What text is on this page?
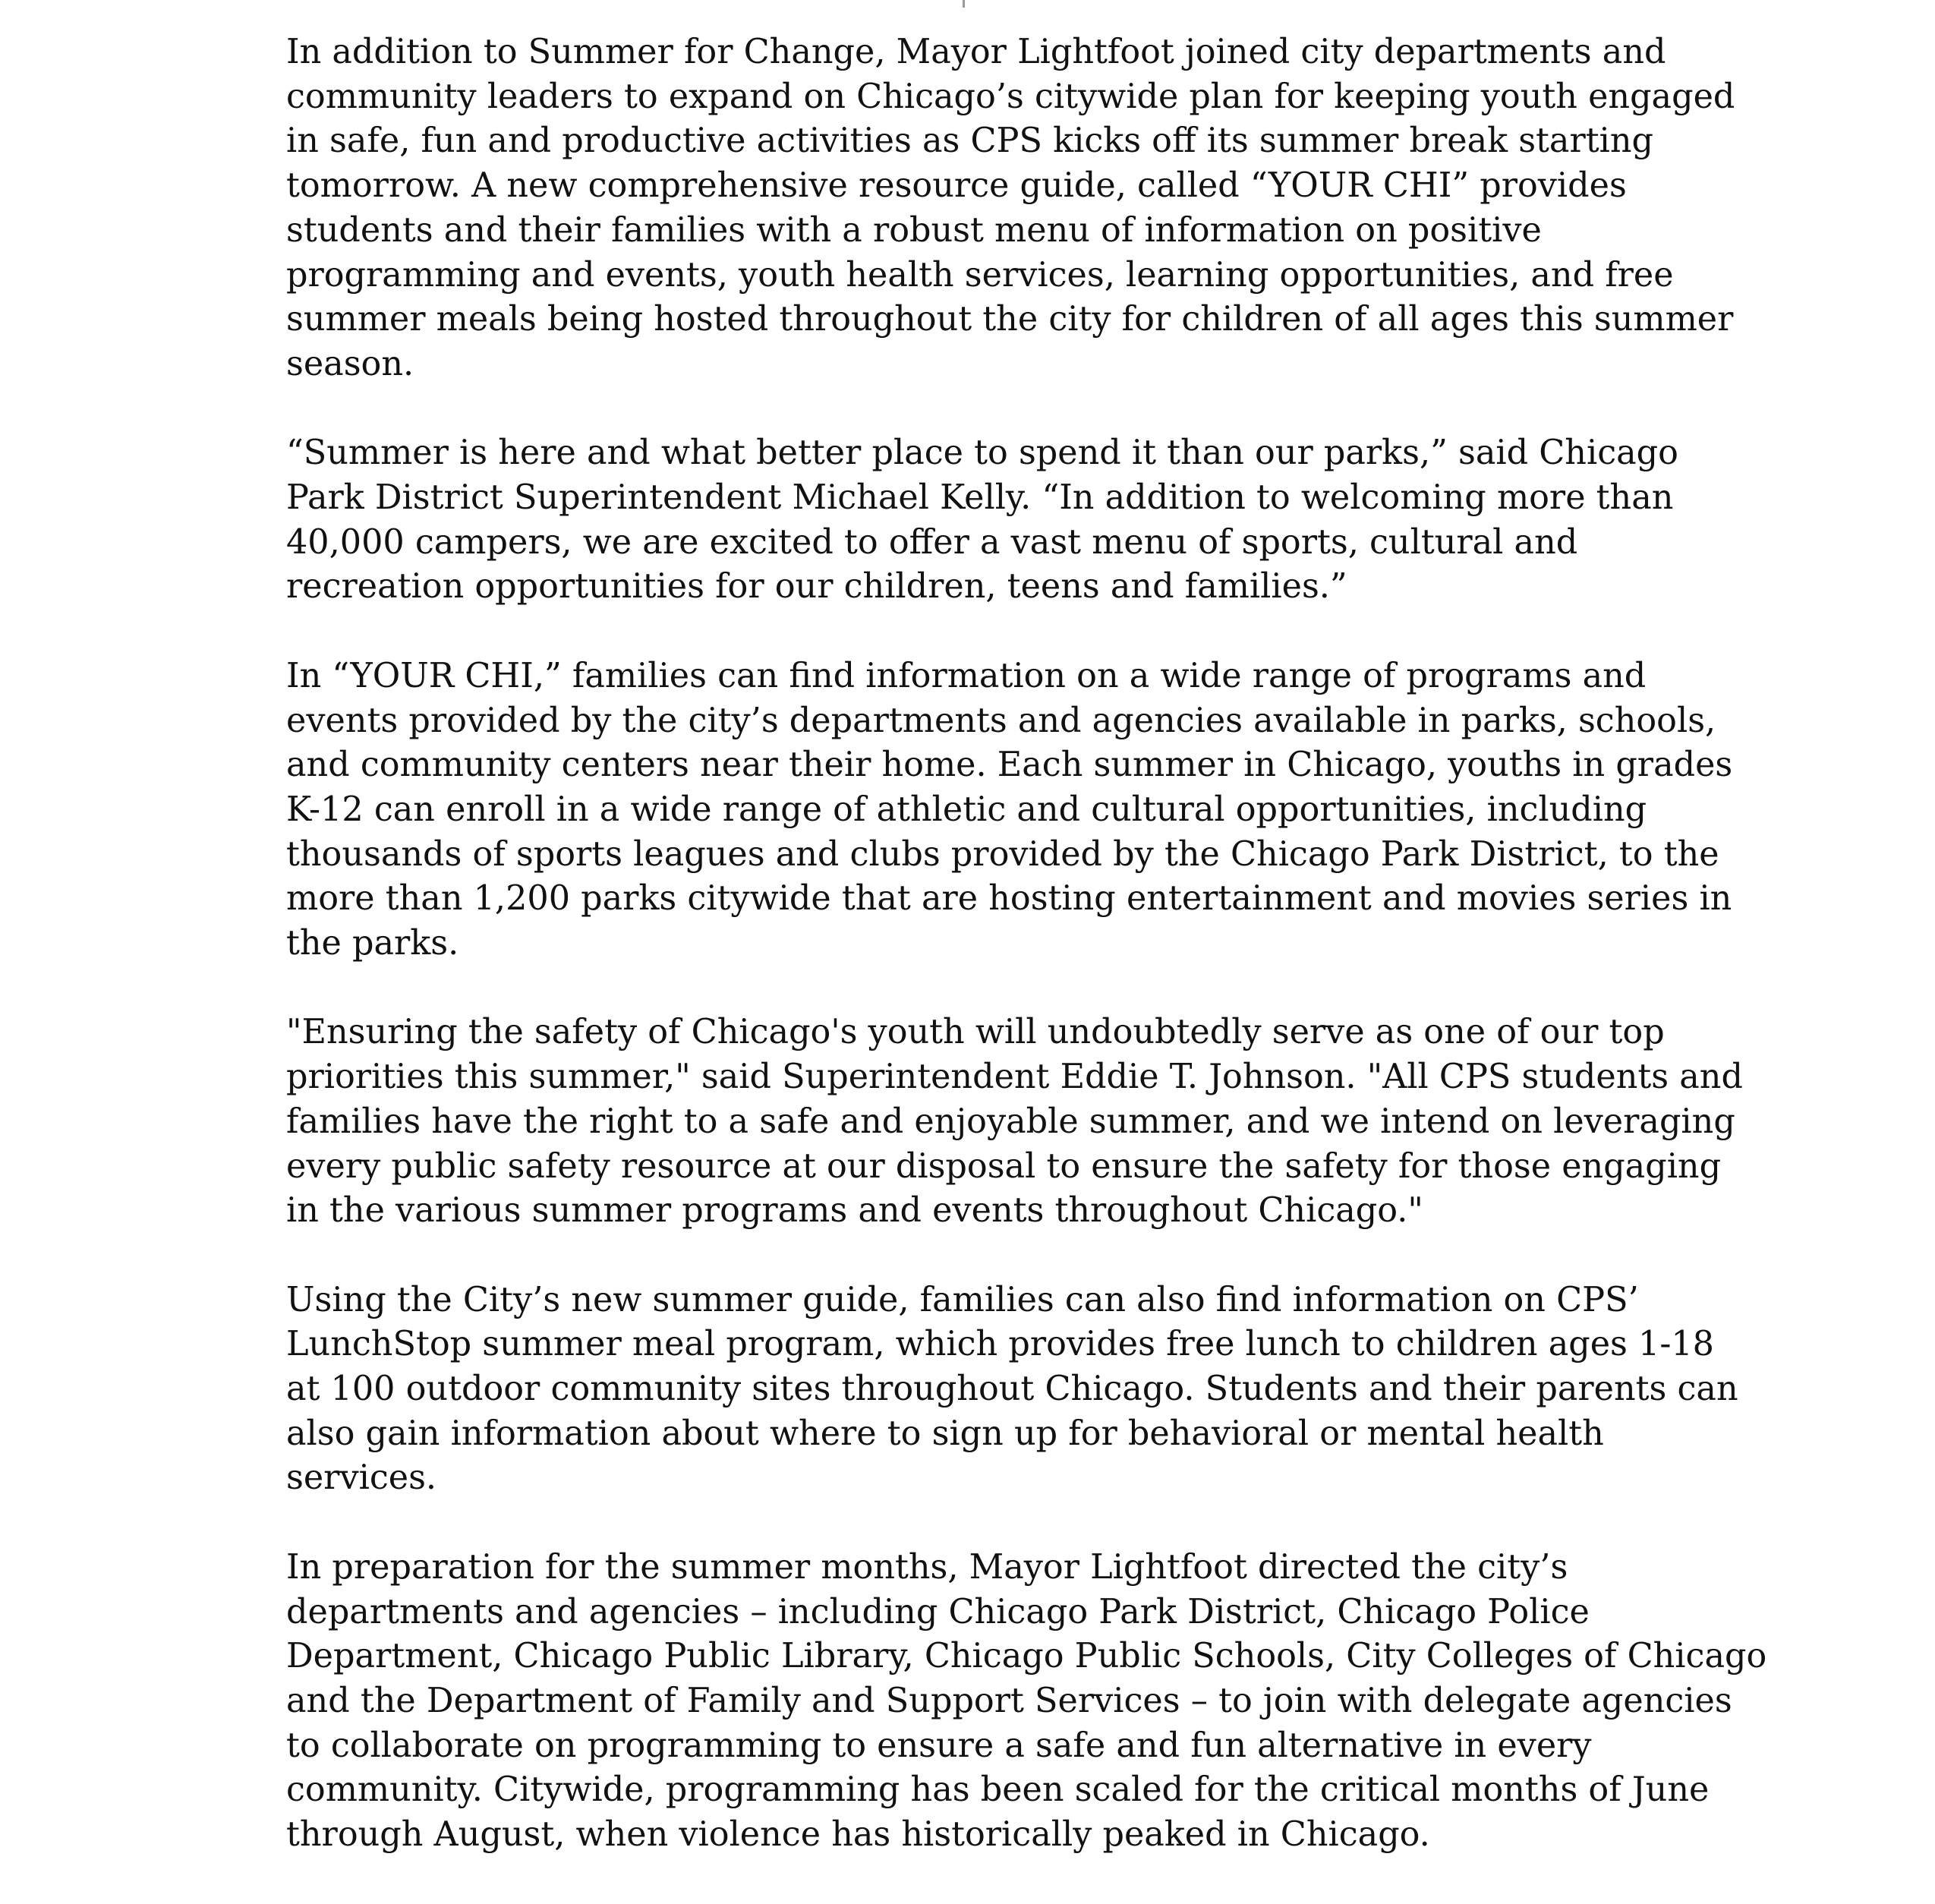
In addition to Summer for Change, Mayor Lightfoot joined city departments and
community leaders to expand on Chicago’s citywide plan for keeping youth engaged
in safe, fun and productive activities as CPS kicks off its summer break starting
tomorrow. A new comprehensive resource guide, called “YOUR CHI” provides
students and their families with a robust menu of information on positive
programming and events, youth health services, learning opportunities, and free
summer meals being hosted throughout the city for children of all ages this summer
season.

“Summer is here and what better place to spend it than our parks,” said Chicago
Park District Superintendent Michael Kelly. “In addition to welcoming more than
40,000 campers, we are excited to offer a vast menu of sports, cultural and
recreation opportunities for our children, teens and families.”

In “YOUR CHI,” families can find information on a wide range of programs and
events provided by the city’s departments and agencies available in parks, schools,
and community centers near their home. Each summer in Chicago, youths in grades
K-12 can enroll in a wide range of athletic and cultural opportunities, including
thousands of sports leagues and clubs provided by the Chicago Park District, to the
more than 1,200 parks citywide that are hosting entertainment and movies series in
the parks.

"Ensuring the safety of Chicago's youth will undoubtedly serve as one of our top
priorities this summer," said Superintendent Eddie T. Johnson. "All CPS students and
families have the right to a safe and enjoyable summer, and we intend on leveraging
every public safety resource at our disposal to ensure the safety for those engaging
in the various summer programs and events throughout Chicago."

Using the City’s new summer guide, families can also find information on CPS’
LunchStop summer meal program, which provides free lunch to children ages 1-18
at 100 outdoor community sites throughout Chicago. Students and their parents can
also gain information about where to sign up for behavioral or mental health
services.

In preparation for the summer months, Mayor Lightfoot directed the city’s
departments and agencies – including Chicago Park District, Chicago Police
Department, Chicago Public Library, Chicago Public Schools, City Colleges of Chicago
and the Department of Family and Support Services – to join with delegate agencies
to collaborate on programming to ensure a safe and fun alternative in every
community. Citywide, programming has been scaled for the critical months of June
through August, when violence has historically peaked in Chicago.
